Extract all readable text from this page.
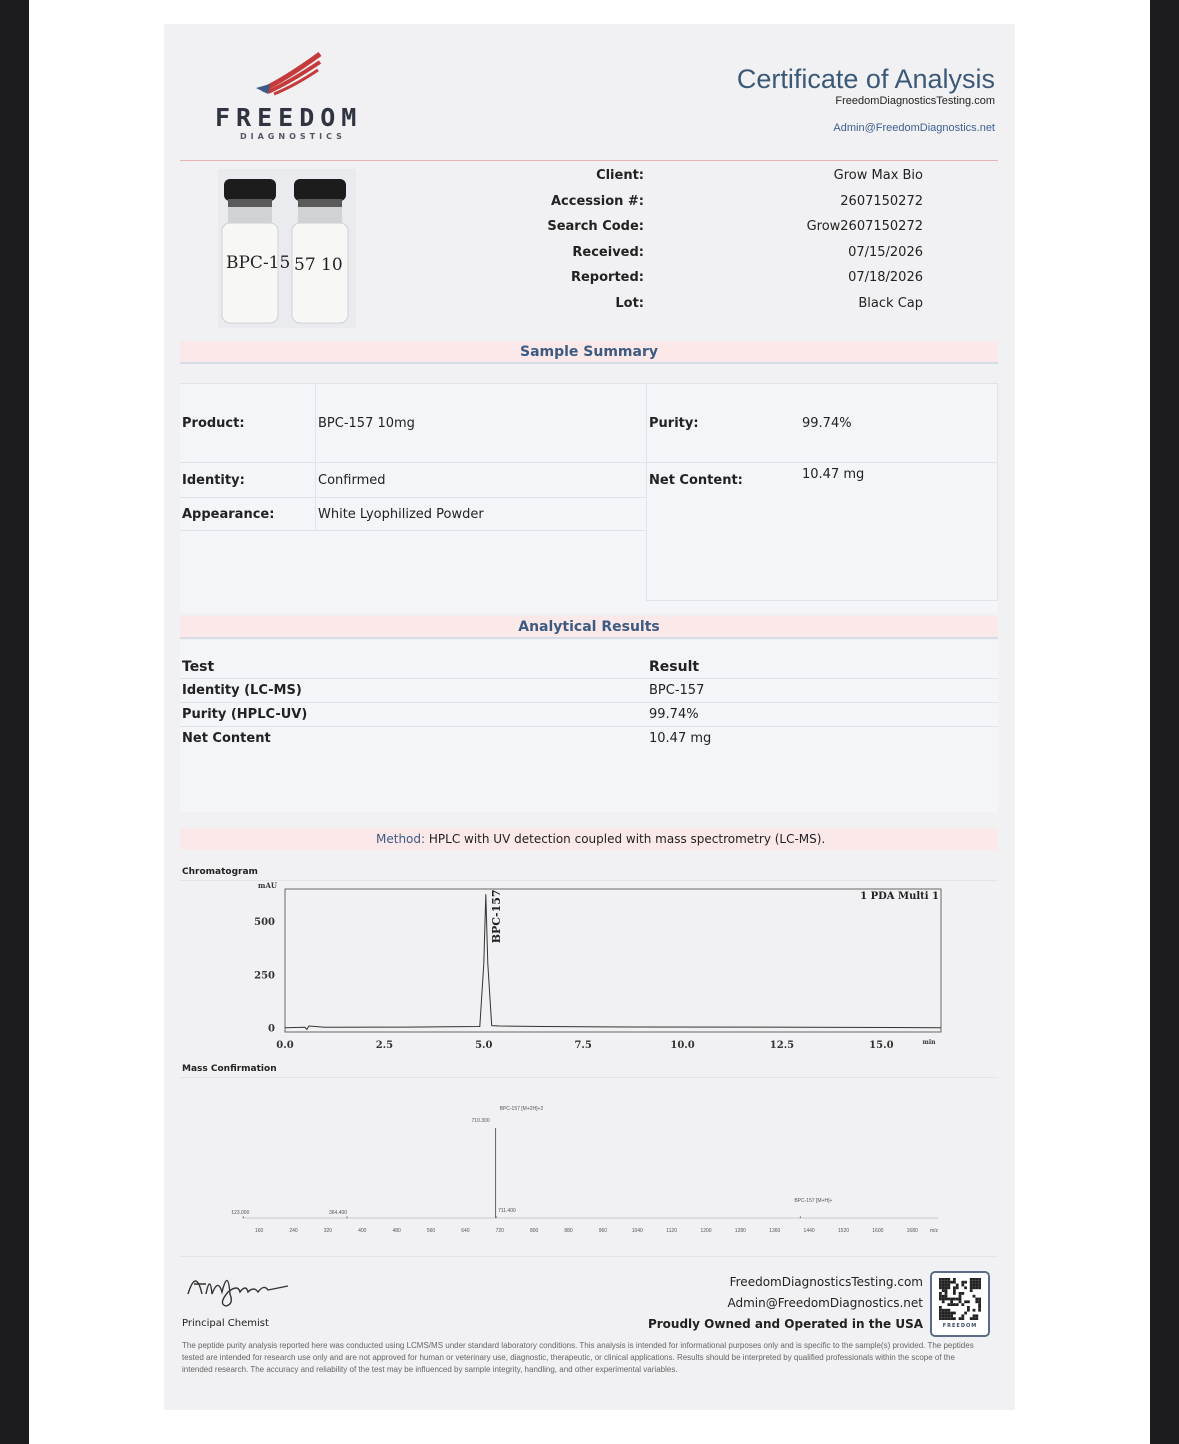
FREEDOM
DIAGNOSTICS
Certificate of Analysis
FreedomDiagnosticsTesting.com
Admin@FreedomDiagnostics.net
BPC-15 57 10
Client:	Grow Max Bio
Accession #:	2607150272
Search Code:	Grow2607150272
Received:	07/15/2026
Reported:	07/18/2026
Lot:	Black Cap
Sample Summary
Product:	BPC-157 10mg	Purity:	99.74%
Identity:	Confirmed	Net Content:	10.47 mg
Appearance:	White Lyophilized Powder
Analytical Results
Test	Result
Identity (LC-MS)	BPC-157
Purity (HPLC-UV)	99.74%
Net Content	10.47 mg
Method: HPLC with UV detection coupled with mass spectrometry (LC-MS).
Chromatogram
mAU
500
250
0
0.0	2.5	5.0	7.5	10.0	12.5	15.0	min
1 PDA Multi 1
BPC-157
Mass Confirmation
BPC-157 [M+2H]+2
710.300
711.400
123.000	364.400
BPC-157 [M+H]+
160	240	320	400	480	560	640	720	800	880	960	1040	1120	1200	1280	1360	1440	1520	1600	1680 m/z
Principal Chemist
FreedomDiagnosticsTesting.com
Admin@FreedomDiagnostics.net
Proudly Owned and Operated in the USA	FREEDOM
The peptide purity analysis reported here was conducted using LCMS/MS under standard laboratory conditions. This analysis is intended for informational purposes only and is specific to the sample(s) provided. The peptides tested are intended for research use only and are not approved for human or veterinary use, diagnostic, therapeutic, or clinical applications. Results should be interpreted by qualified professionals within the scope of the intended research. The accuracy and reliability of the test may be influenced by sample integrity, handling, and other experimental variables.
